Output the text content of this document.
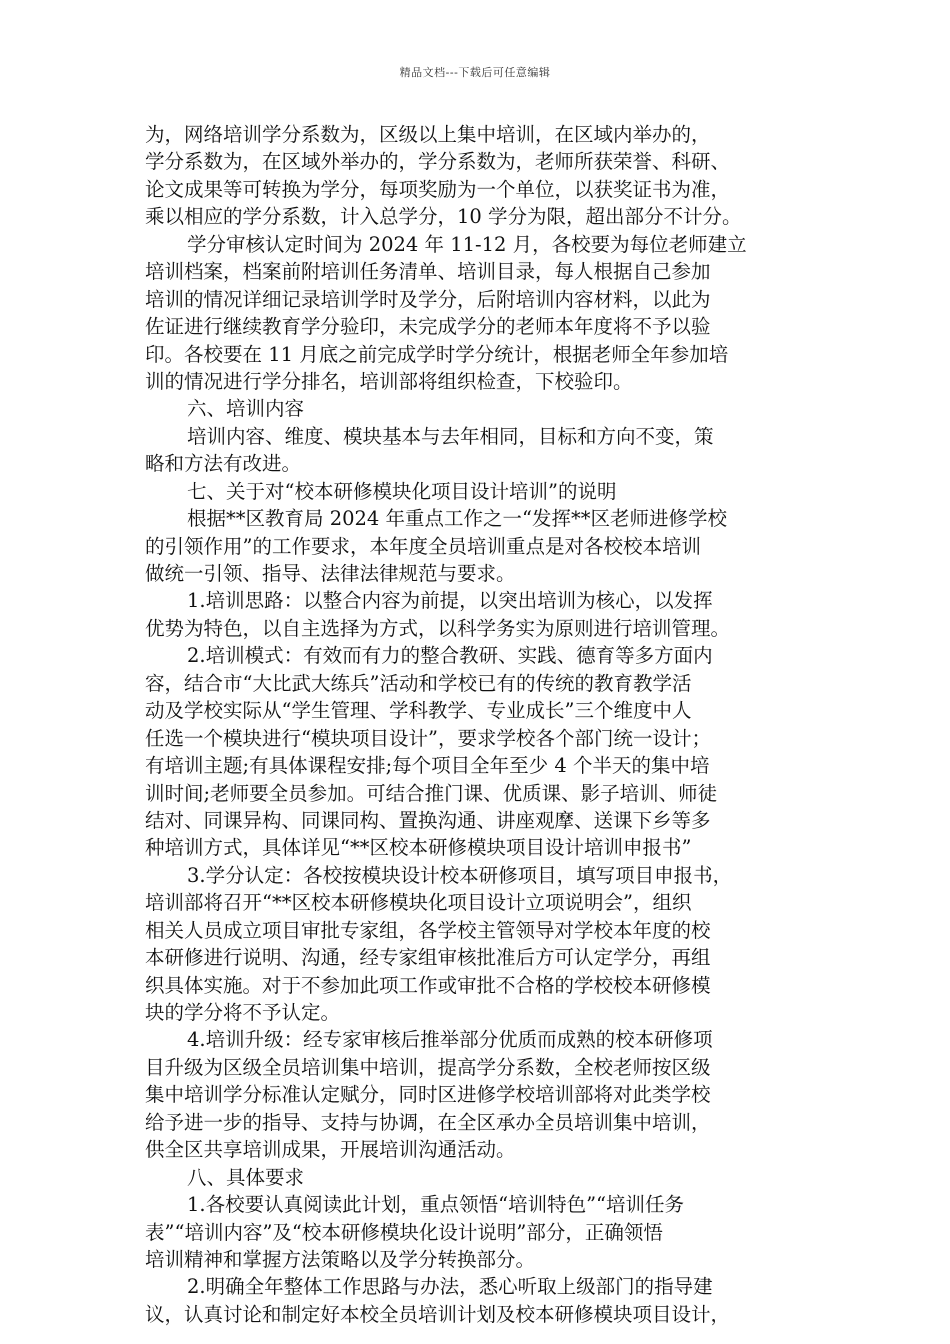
精品文档---下载后可任意编辑
为，网络培训学分系数为，区级以上集中培训，在区域内举办的，
学分系数为，在区域外举办的，学分系数为，老师所获荣誉、科研、
论文成果等可转换为学分，每项奖励为一个单位，以获奖证书为准，
乘以相应的学分系数，计入总学分，10 学分为限，超出部分不计分。
学分审核认定时间为 2024 年 11-12 月，各校要为每位老师建立
培训档案，档案前附培训任务清单、培训目录，每人根据自己参加
培训的情况详细记录培训学时及学分，后附培训内容材料，以此为
佐证进行继续教育学分验印，未完成学分的老师本年度将不予以验
印。各校要在 11 月底之前完成学时学分统计，根据老师全年参加培
训的情况进行学分排名，培训部将组织检查，下校验印。
六、培训内容
培训内容、维度、模块基本与去年相同，目标和方向不变，策
略和方法有改进。
七、关于对“校本研修模块化项目设计培训”的说明
根据**区教育局 2024 年重点工作之一“发挥**区老师进修学校
的引领作用”的工作要求，本年度全员培训重点是对各校校本培训
做统一引领、指导、法律法律规范与要求。
1.培训思路：以整合内容为前提，以突出培训为核心，以发挥
优势为特色，以自主选择为方式，以科学务实为原则进行培训管理。
2.培训模式：有效而有力的整合教研、实践、德育等多方面内
容，结合市“大比武大练兵”活动和学校已有的传统的教育教学活
动及学校实际从“学生管理、学科教学、专业成长”三个维度中人
任选一个模块进行“模块项目设计”，要求学校各个部门统一设计；
有培训主题;有具体课程安排;每个项目全年至少 4 个半天的集中培
训时间;老师要全员参加。可结合推门课、优质课、影子培训、师徒
结对、同课异构、同课同构、置换沟通、讲座观摩、送课下乡等多
种培训方式，具体详见“**区校本研修模块项目设计培训申报书”
3.学分认定：各校按模块设计校本研修项目，填写项目申报书，
培训部将召开“**区校本研修模块化项目设计立项说明会”，组织
相关人员成立项目审批专家组，各学校主管领导对学校本年度的校
本研修进行说明、沟通，经专家组审核批准后方可认定学分，再组
织具体实施。对于不参加此项工作或审批不合格的学校校本研修模
块的学分将不予认定。
4.培训升级：经专家审核后推举部分优质而成熟的校本研修项
目升级为区级全员培训集中培训，提高学分系数，全校老师按区级
集中培训学分标准认定赋分，同时区进修学校培训部将对此类学校
给予进一步的指导、支持与协调，在全区承办全员培训集中培训，
供全区共享培训成果，开展培训沟通活动。
八、具体要求
1.各校要认真阅读此计划，重点领悟“培训特色”“培训任务
表”“培训内容”及“校本研修模块化设计说明”部分，正确领悟
培训精神和掌握方法策略以及学分转换部分。
2.明确全年整体工作思路与办法，悉心听取上级部门的指导建
议，认真讨论和制定好本校全员培训计划及校本研修模块项目设计，
